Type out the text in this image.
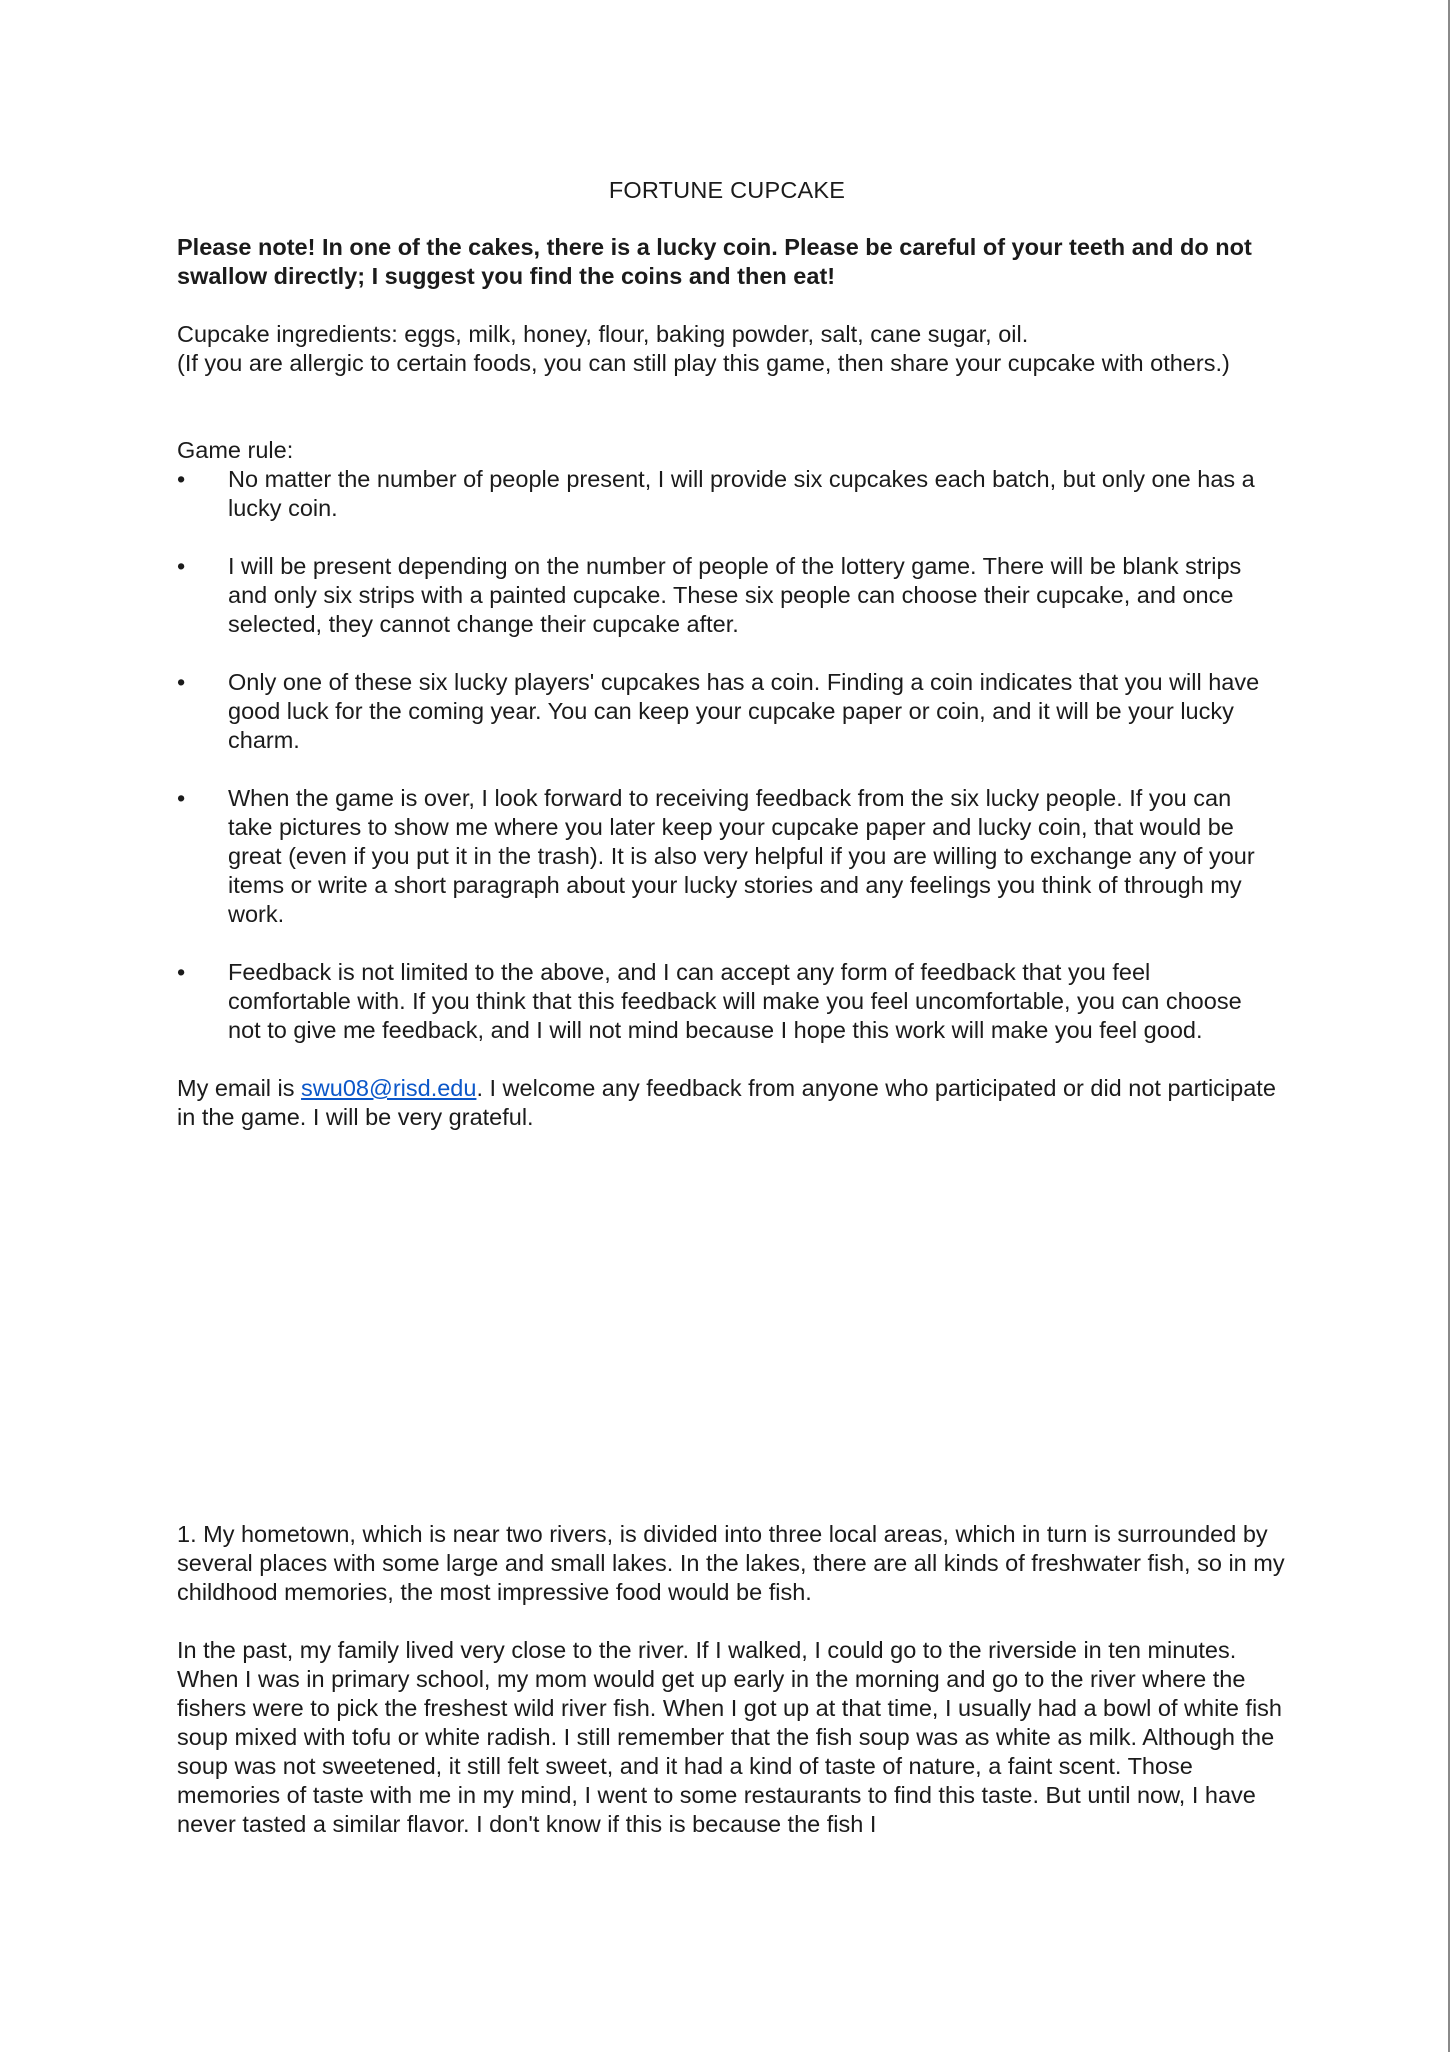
FORTUNE CUPCAKE

Please note! In one of the cakes, there is a lucky coin. Please be careful of your teeth and do not swallow directly; I suggest you find the coins and then eat!

Cupcake ingredients: eggs, milk, honey, flour, baking powder, salt, cane sugar, oil.

(If you are allergic to certain foods, you can still play this game, then share your cupcake with others.)

Game rule:

•	No matter the number of people present, I will provide six cupcakes each batch, but only one has a lucky coin.
•	I will be present depending on the number of people of the lottery game. There will be blank strips and only six strips with a painted cupcake. These six people can choose their cupcake, and once selected, they cannot change their cupcake after.
•	Only one of these six lucky players' cupcakes has a coin. Finding a coin indicates that you will have good luck for the coming year. You can keep your cupcake paper or coin, and it will be your lucky charm.
•	When the game is over, I look forward to receiving feedback from the six lucky people. If you can take pictures to show me where you later keep your cupcake paper and lucky coin, that would be great (even if you put it in the trash). It is also very helpful if you are willing to exchange any of your items or write a short paragraph about your lucky stories and any feelings you think of through my work.
•	Feedback is not limited to the above, and I can accept any form of feedback that you feel comfortable with. If you think that this feedback will make you feel uncomfortable, you can choose not to give me feedback, and I will not mind because I hope this work will make you feel good.

My email is swu08@risd.edu. I welcome any feedback from anyone who participated or did not participate in the game. I will be very grateful.

1. My hometown, which is near two rivers, is divided into three local areas, which in turn is surrounded by several places with some large and small lakes. In the lakes, there are all kinds of freshwater fish, so in my childhood memories, the most impressive food would be fish.

In the past, my family lived very close to the river. If I walked, I could go to the riverside in ten minutes. When I was in primary school, my mom would get up early in the morning and go to the river where the fishers were to pick the freshest wild river fish. When I got up at that time, I usually had a bowl of white fish soup mixed with tofu or white radish. I still remember that the fish soup was as white as milk. Although the soup was not sweetened, it still felt sweet, and it had a kind of taste of nature, a faint scent. Those memories of taste with me in my mind, I went to some restaurants to find this taste. But until now, I have never tasted a similar flavor. I don't know if this is because the fish I
